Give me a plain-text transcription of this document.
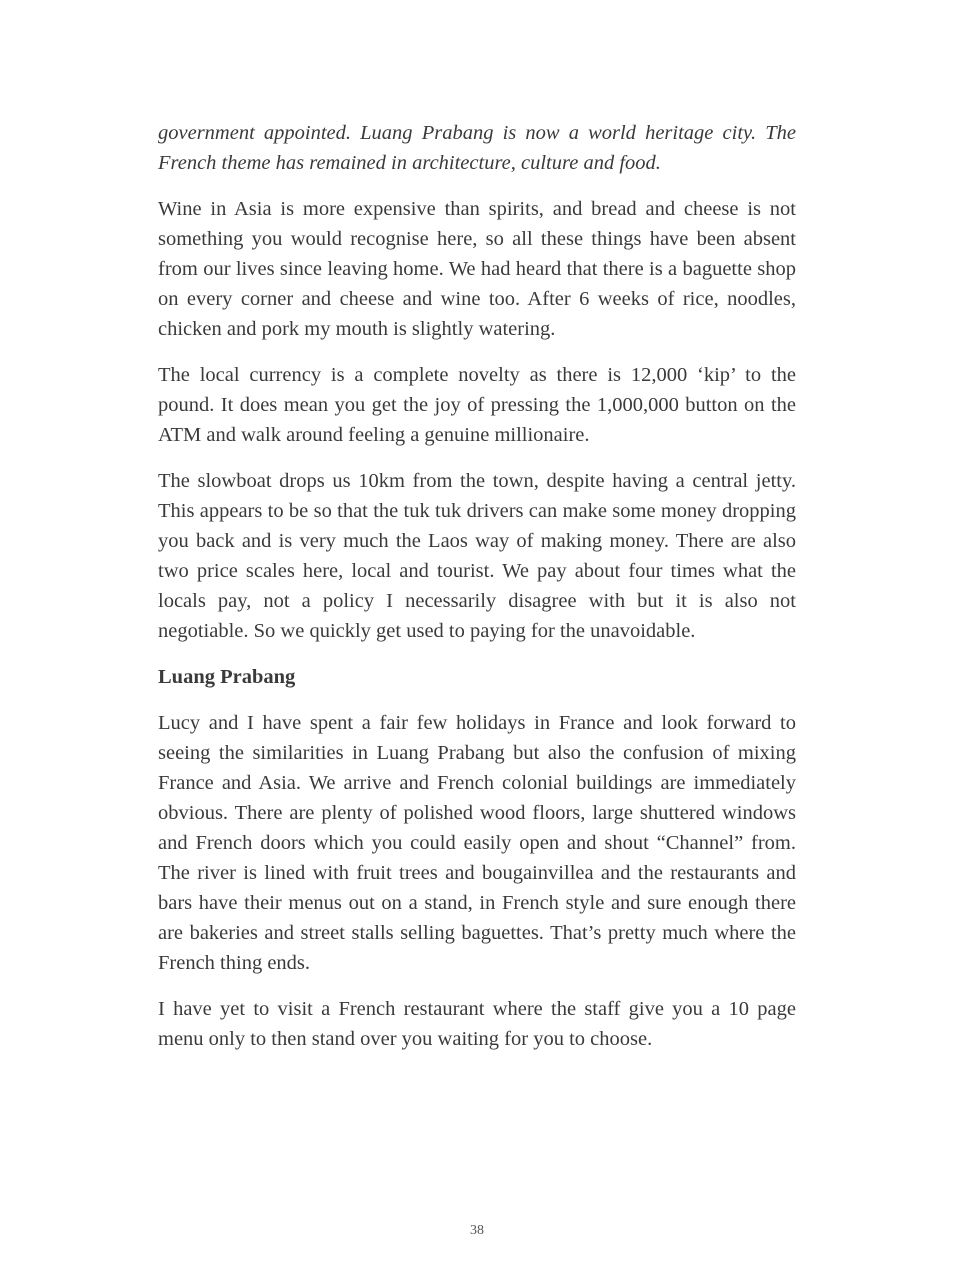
government appointed. Luang Prabang is now a world heritage city. The French theme has remained in architecture, culture and food.

Wine in Asia is more expensive than spirits, and bread and cheese is not something you would recognise here, so all these things have been absent from our lives since leaving home. We had heard that there is a baguette shop on every corner and cheese and wine too. After 6 weeks of rice, noodles, chicken and pork my mouth is slightly watering.

The local currency is a complete novelty as there is 12,000 ‘kip’ to the pound. It does mean you get the joy of pressing the 1,000,000 button on the ATM and walk around feeling a genuine millionaire.

The slowboat drops us 10km from the town, despite having a central jetty. This appears to be so that the tuk tuk drivers can make some money dropping you back and is very much the Laos way of making money. There are also two price scales here, local and tourist. We pay about four times what the locals pay, not a policy I necessarily disagree with but it is also not negotiable. So we quickly get used to paying for the unavoidable.

Luang Prabang

Lucy and I have spent a fair few holidays in France and look forward to seeing the similarities in Luang Prabang but also the confusion of mixing France and Asia. We arrive and French colonial buildings are immediately obvious. There are plenty of polished wood floors, large shuttered windows and French doors which you could easily open and shout “Channel” from. The river is lined with fruit trees and bougainvillea and the restaurants and bars have their menus out on a stand, in French style and sure enough there are bakeries and street stalls selling baguettes. That’s pretty much where the French thing ends.

I have yet to visit a French restaurant where the staff give you a 10 page menu only to then stand over you waiting for you to choose.

38
